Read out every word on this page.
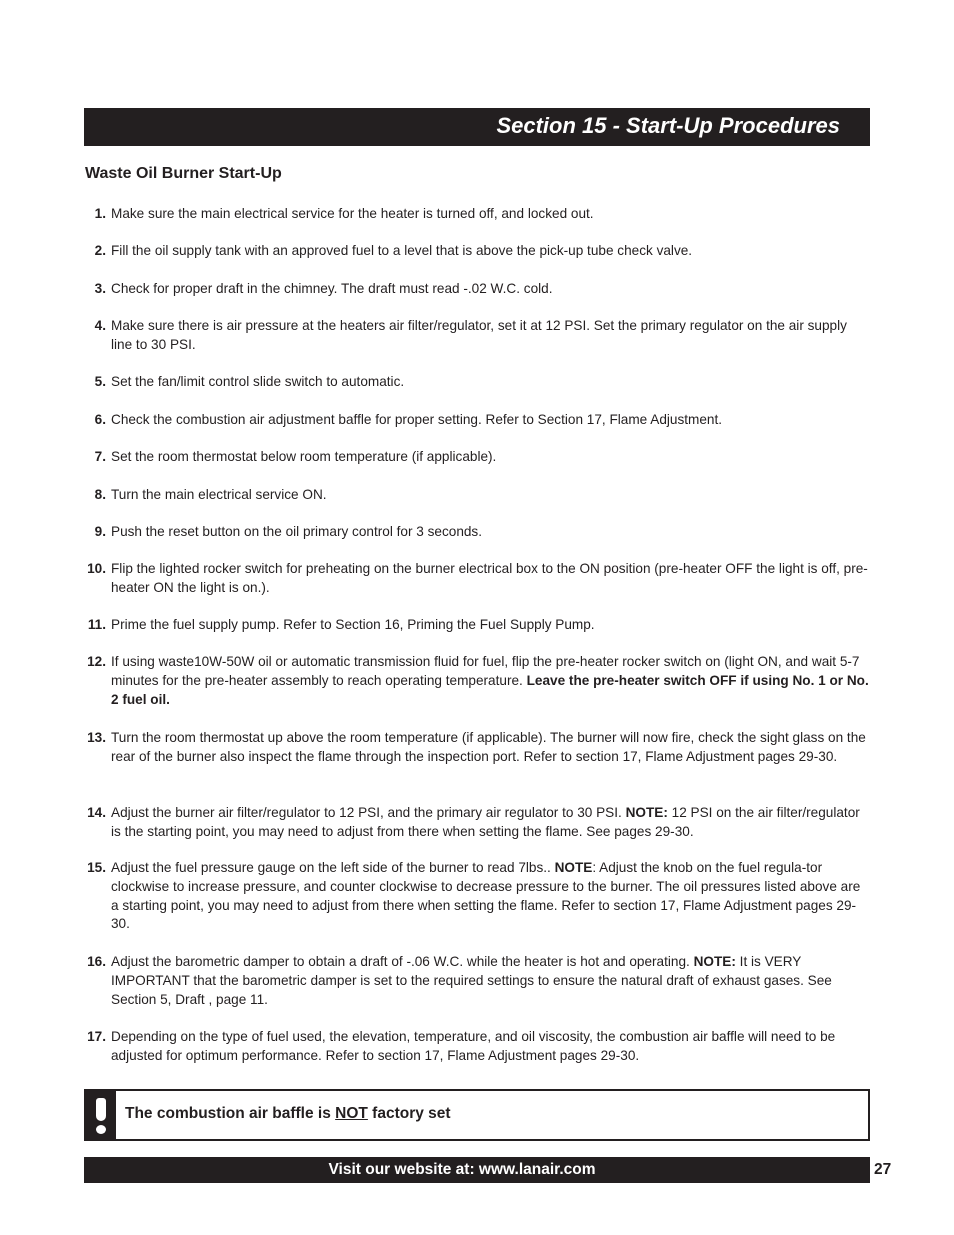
Section 15 - Start-Up Procedures
Waste Oil Burner Start-Up
1. Make sure the main electrical service for the heater is turned off, and locked out.
2. Fill the oil supply tank with an approved fuel to a level that is above the pick-up tube check valve.
3. Check for proper draft in the chimney. The draft must read -.02 W.C. cold.
4. Make sure there is air pressure at the heaters air filter/regulator, set it at 12 PSI. Set the primary regulator on the air supply line to 30 PSI.
5. Set the fan/limit control slide switch to automatic.
6. Check the combustion air adjustment baffle for proper setting. Refer to Section 17, Flame Adjustment.
7. Set the room thermostat below room temperature (if applicable).
8. Turn the main electrical service ON.
9. Push the reset button on the oil primary control for 3 seconds.
10. Flip the lighted rocker switch for preheating on the burner electrical box to the ON position (pre-heater OFF the light is off, pre-heater ON the light is on.).
11. Prime the fuel supply pump. Refer to Section 16, Priming the Fuel Supply Pump.
12. If using waste10W-50W oil or automatic transmission fluid for fuel, flip the pre-heater rocker switch on (light ON, and wait 5-7 minutes for the pre-heater assembly to reach operating temperature. Leave the pre-heater switch OFF if using No. 1 or No. 2 fuel oil.
13. Turn the room thermostat up above the room temperature (if applicable). The burner will now fire, check the sight glass on the rear of the burner also inspect the flame through the inspection port. Refer to section 17, Flame Adjustment pages 29-30.
14. Adjust the burner air filter/regulator to 12 PSI, and the primary air regulator to 30 PSI. NOTE: 12 PSI on the air filter/regulator is the starting point, you may need to adjust from there when setting the flame. See pages 29-30.
15. Adjust the fuel pressure gauge on the left side of the burner to read 7lbs.. NOTE: Adjust the knob on the fuel regula-tor clockwise to increase pressure, and counter clockwise to decrease pressure to the burner. The oil pressures listed above are a starting point, you may need to adjust from there when setting the flame. Refer to section 17, Flame Adjustment pages 29-30.
16. Adjust the barometric damper to obtain a draft of -.06 W.C. while the heater is hot and operating. NOTE: It is VERY IMPORTANT that the barometric damper is set to the required settings to ensure the natural draft of exhaust gases. See Section 5, Draft , page 11.
17. Depending on the type of fuel used, the elevation, temperature, and oil viscosity, the combustion air baffle will need to be adjusted for optimum performance. Refer to section 17, Flame Adjustment pages 29-30.
The combustion air baffle is NOT factory set
Visit our website at: www.lanair.com	27
